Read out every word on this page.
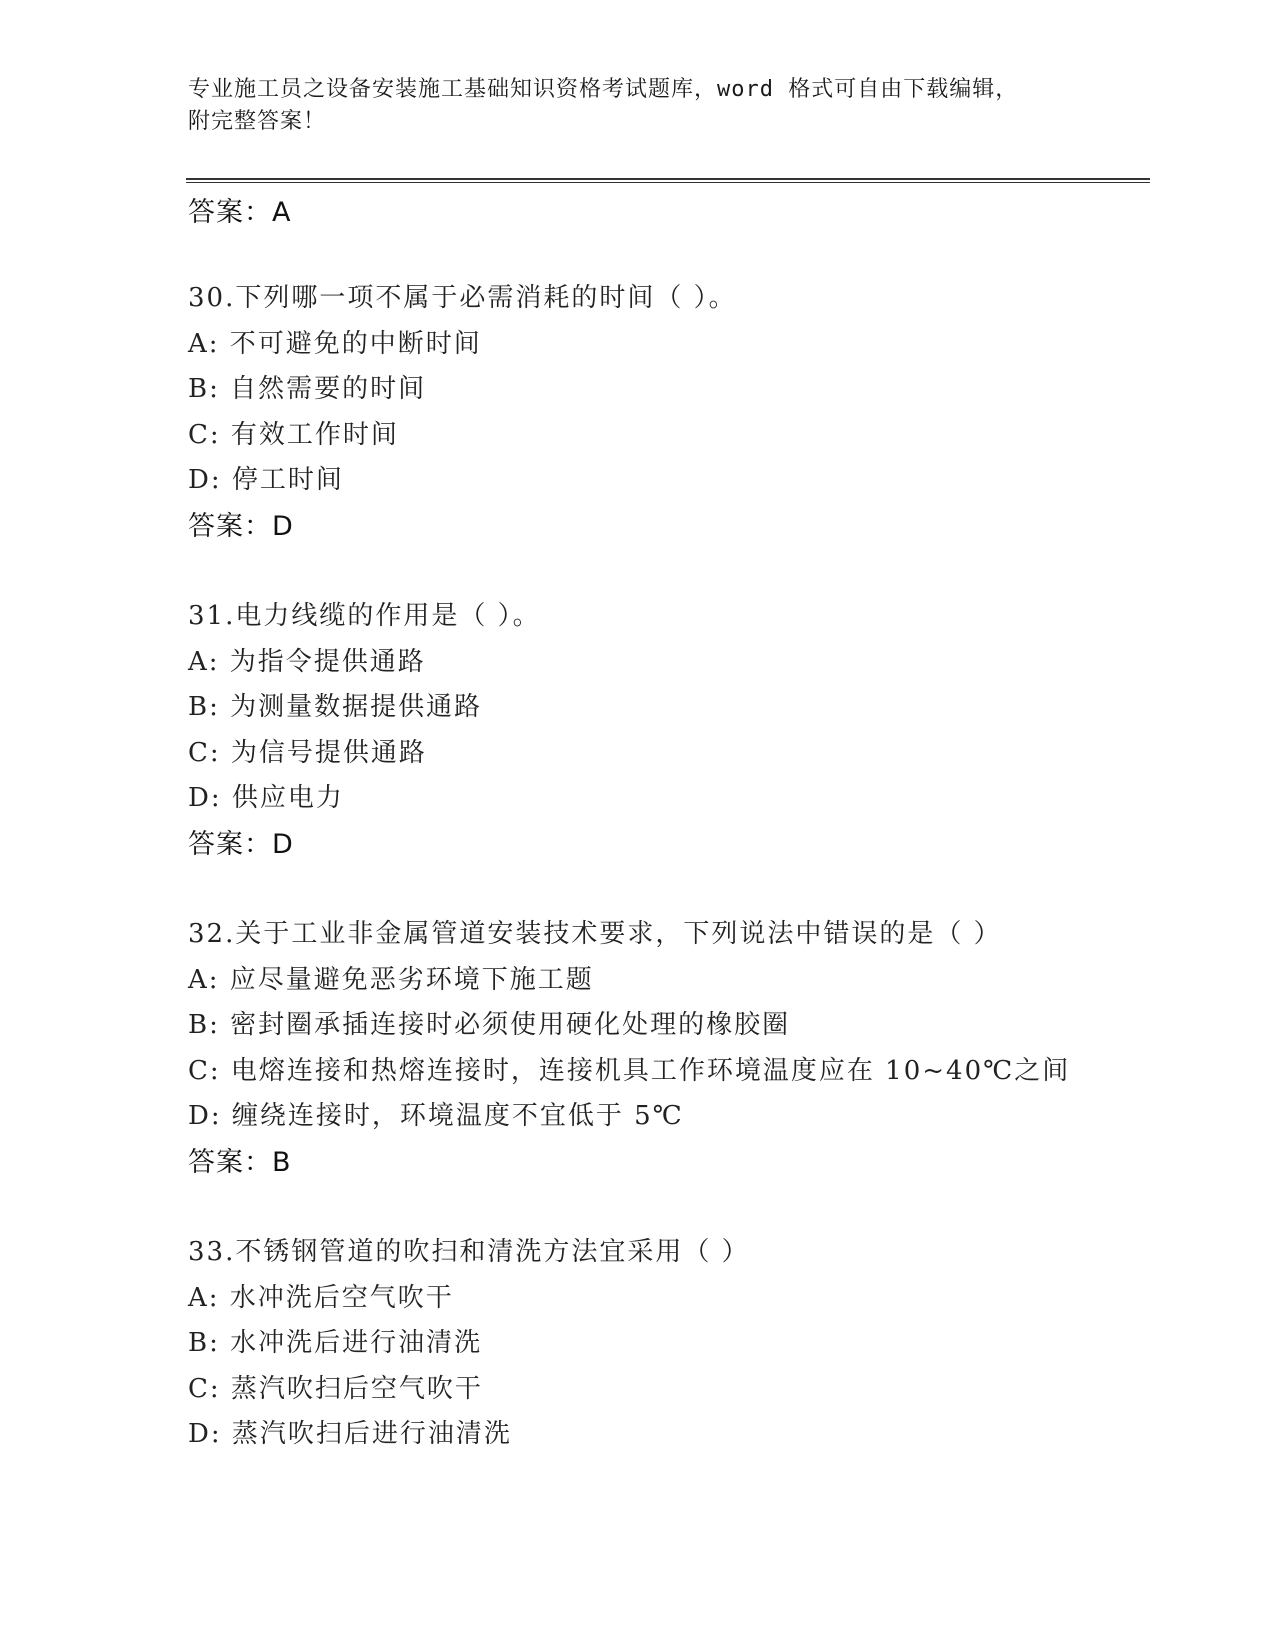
专业施工员之设备安装施工基础知识资格考试题库，word 格式可自由下载编辑，
附完整答案！
答案：A
30.下列哪一项不属于必需消耗的时间（ ）。
A: 不可避免的中断时间
B: 自然需要的时间
C: 有效工作时间
D: 停工时间
答案：D
31.电力线缆的作用是（ ）。
A: 为指令提供通路
B: 为测量数据提供通路
C: 为信号提供通路
D: 供应电力
答案：D
32.关于工业非金属管道安装技术要求，下列说法中错误的是（ ）
A: 应尽量避免恶劣环境下施工题
B: 密封圈承插连接时必须使用硬化处理的橡胶圈
C: 电熔连接和热熔连接时，连接机具工作环境温度应在 10~40℃之间
D: 缠绕连接时，环境温度不宜低于 5℃
答案：B
33.不锈钢管道的吹扫和清洗方法宜采用（ ）
A: 水冲洗后空气吹干
B: 水冲洗后进行油清洗
C: 蒸汽吹扫后空气吹干
D: 蒸汽吹扫后进行油清洗
